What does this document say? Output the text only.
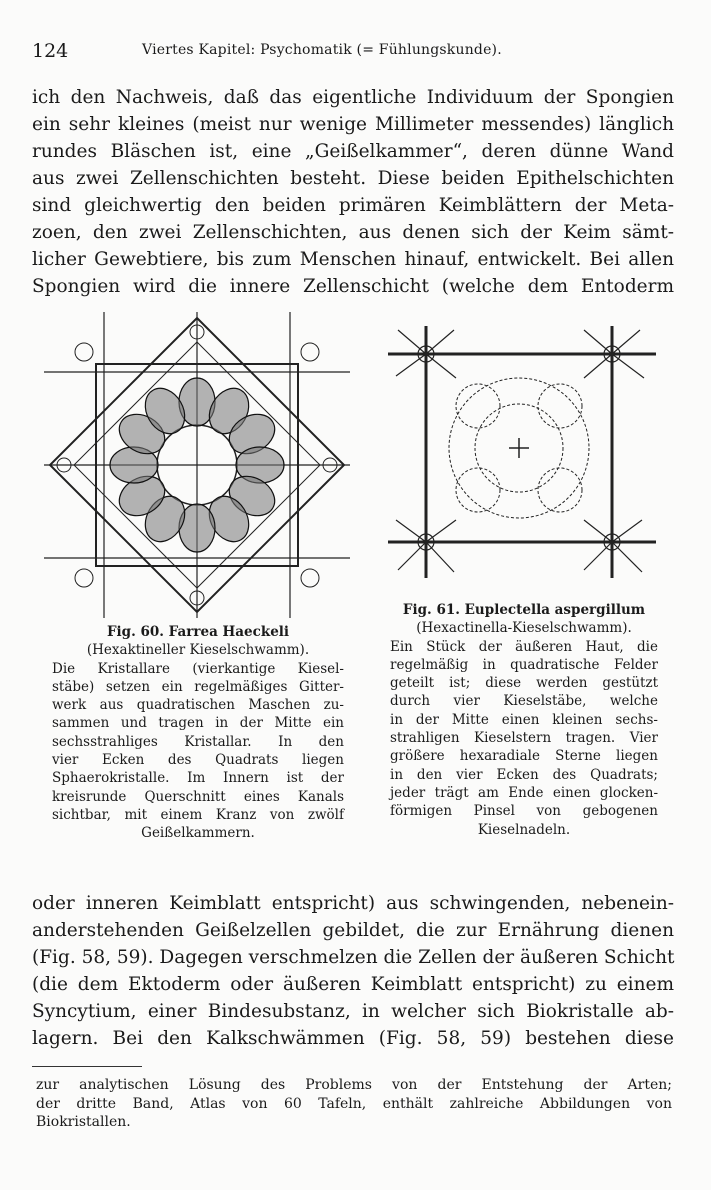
124	Viertes Kapitel: Psychomatik (= Fühlungskunde).
ich den Nachweis, daß das eigentliche Individuum der Spongien
ein sehr kleines (meist nur wenige Millimeter messendes) länglich
rundes Bläschen ist, eine „Geißelkammer“, deren dünne Wand
aus zwei Zellenschichten besteht. Diese beiden Epithelschichten
sind gleichwertig den beiden primären Keimblättern der Meta-
zoen, den zwei Zellenschichten, aus denen sich der Keim sämt-
licher Gewebtiere, bis zum Menschen hinauf, entwickelt. Bei allen
Spongien wird die innere Zellenschicht (welche dem Entoderm
Fig. 60. Farrea Haeckeli
(Hexaktineller Kieselschwamm).
Die Kristallare (vierkantige Kiesel-
stäbe) setzen ein regelmäßiges Gitter-
werk aus quadratischen Maschen zu-
sammen und tragen in der Mitte ein
sechsstrahliges Kristallar. In den
vier Ecken des Quadrats liegen
Sphaerokristalle. Im Innern ist der
kreisrunde Querschnitt eines Kanals
sichtbar, mit einem Kranz von zwölf
Geißelkammern.
Fig. 61. Euplectella aspergillum
(Hexactinella-Kieselschwamm).
Ein Stück der äußeren Haut, die
regelmäßig in quadratische Felder
geteilt ist; diese werden gestützt
durch vier Kieselstäbe, welche
in der Mitte einen kleinen sechs-
strahligen Kieselstern tragen. Vier
größere hexaradiale Sterne liegen
in den vier Ecken des Quadrats;
jeder trägt am Ende einen glocken-
förmigen Pinsel von gebogenen
Kieselnadeln.
oder inneren Keimblatt entspricht) aus schwingenden, nebenein-
anderstehenden Geißelzellen gebildet, die zur Ernährung dienen
(Fig. 58, 59). Dagegen verschmelzen die Zellen der äußeren Schicht
(die dem Ektoderm oder äußeren Keimblatt entspricht) zu einem
Syncytium, einer Bindesubstanz, in welcher sich Biokristalle ab-
lagern. Bei den Kalkschwämmen (Fig. 58, 59) bestehen diese
zur analytischen Lösung des Problems von der Entstehung der Arten;
der dritte Band, Atlas von 60 Tafeln, enthält zahlreiche Abbildungen von
Biokristallen.
